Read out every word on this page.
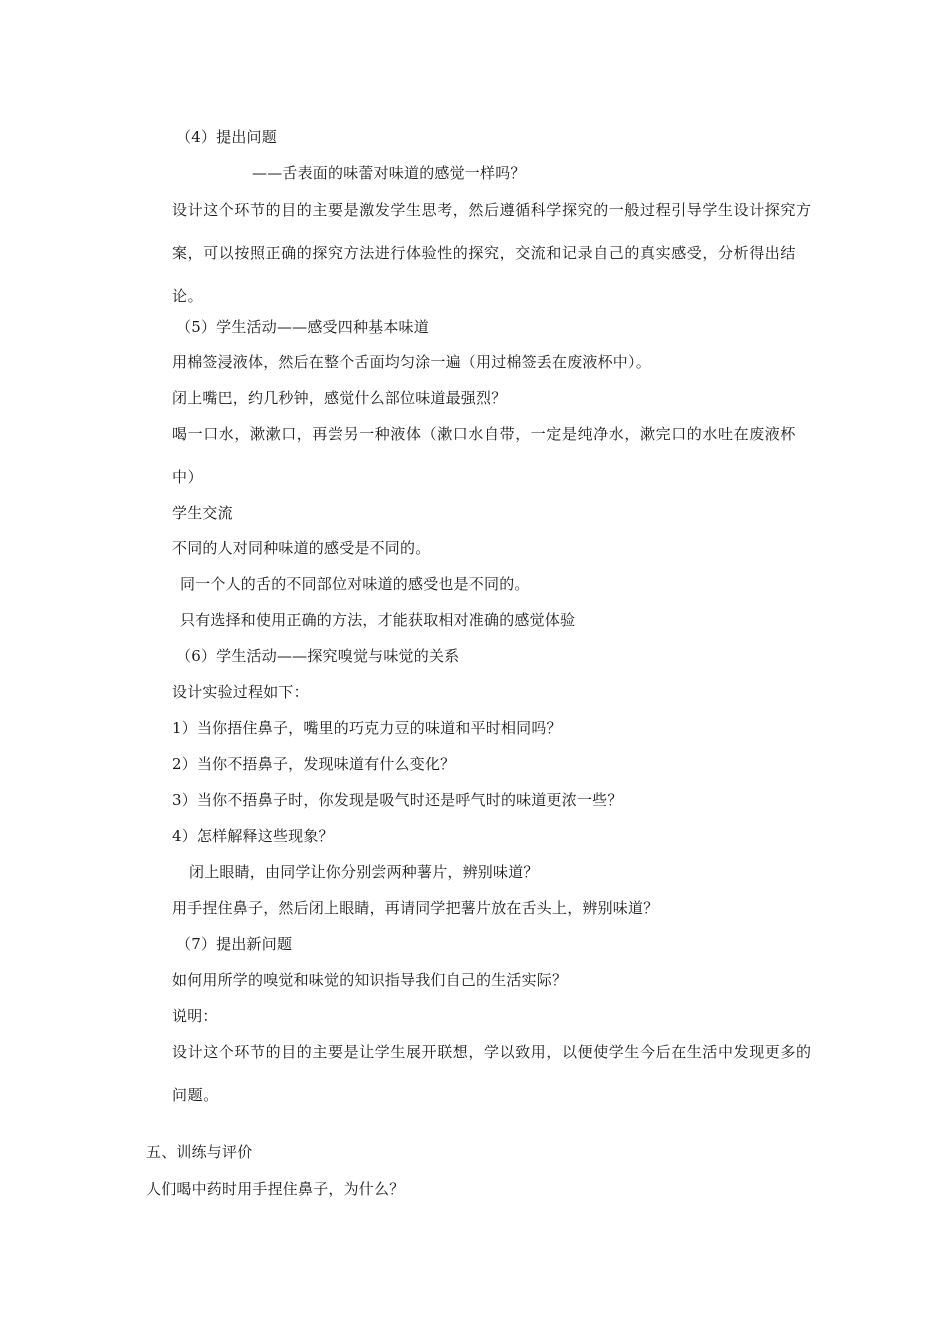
（4）提出问题
——舌表面的味蕾对味道的感觉一样吗？
设计这个环节的目的主要是激发学生思考，然后遵循科学探究的一般过程引导学生设计探究方案，可以按照正确的探究方法进行体验性的探究，交流和记录自己的真实感受，分析得出结论。
（5）学生活动——感受四种基本味道
用棉签浸液体，然后在整个舌面均匀涂一遍（用过棉签丢在废液杯中）。
闭上嘴巴，约几秒钟，感觉什么部位味道最强烈？
喝一口水，漱漱口，再尝另一种液体（漱口水自带，一定是纯净水，漱完口的水吐在废液杯中）
学生交流
不同的人对同种味道的感受是不同的。
同一个人的舌的不同部位对味道的感受也是不同的。
只有选择和使用正确的方法，才能获取相对准确的感觉体验
（6）学生活动——探究嗅觉与味觉的关系
设计实验过程如下：
1）当你捂住鼻子，嘴里的巧克力豆的味道和平时相同吗？
2）当你不捂鼻子，发现味道有什么变化？
3）当你不捂鼻子时，你发现是吸气时还是呼气时的味道更浓一些？
4）怎样解释这些现象？
闭上眼睛，由同学让你分别尝两种薯片，辨别味道？
用手捏住鼻子，然后闭上眼睛，再请同学把薯片放在舌头上，辨别味道？
（7）提出新问题
如何用所学的嗅觉和味觉的知识指导我们自己的生活实际？
说明：
设计这个环节的目的主要是让学生展开联想，学以致用，以便使学生今后在生活中发现更多的问题。
五、训练与评价
人们喝中药时用手捏住鼻子，为什么？
